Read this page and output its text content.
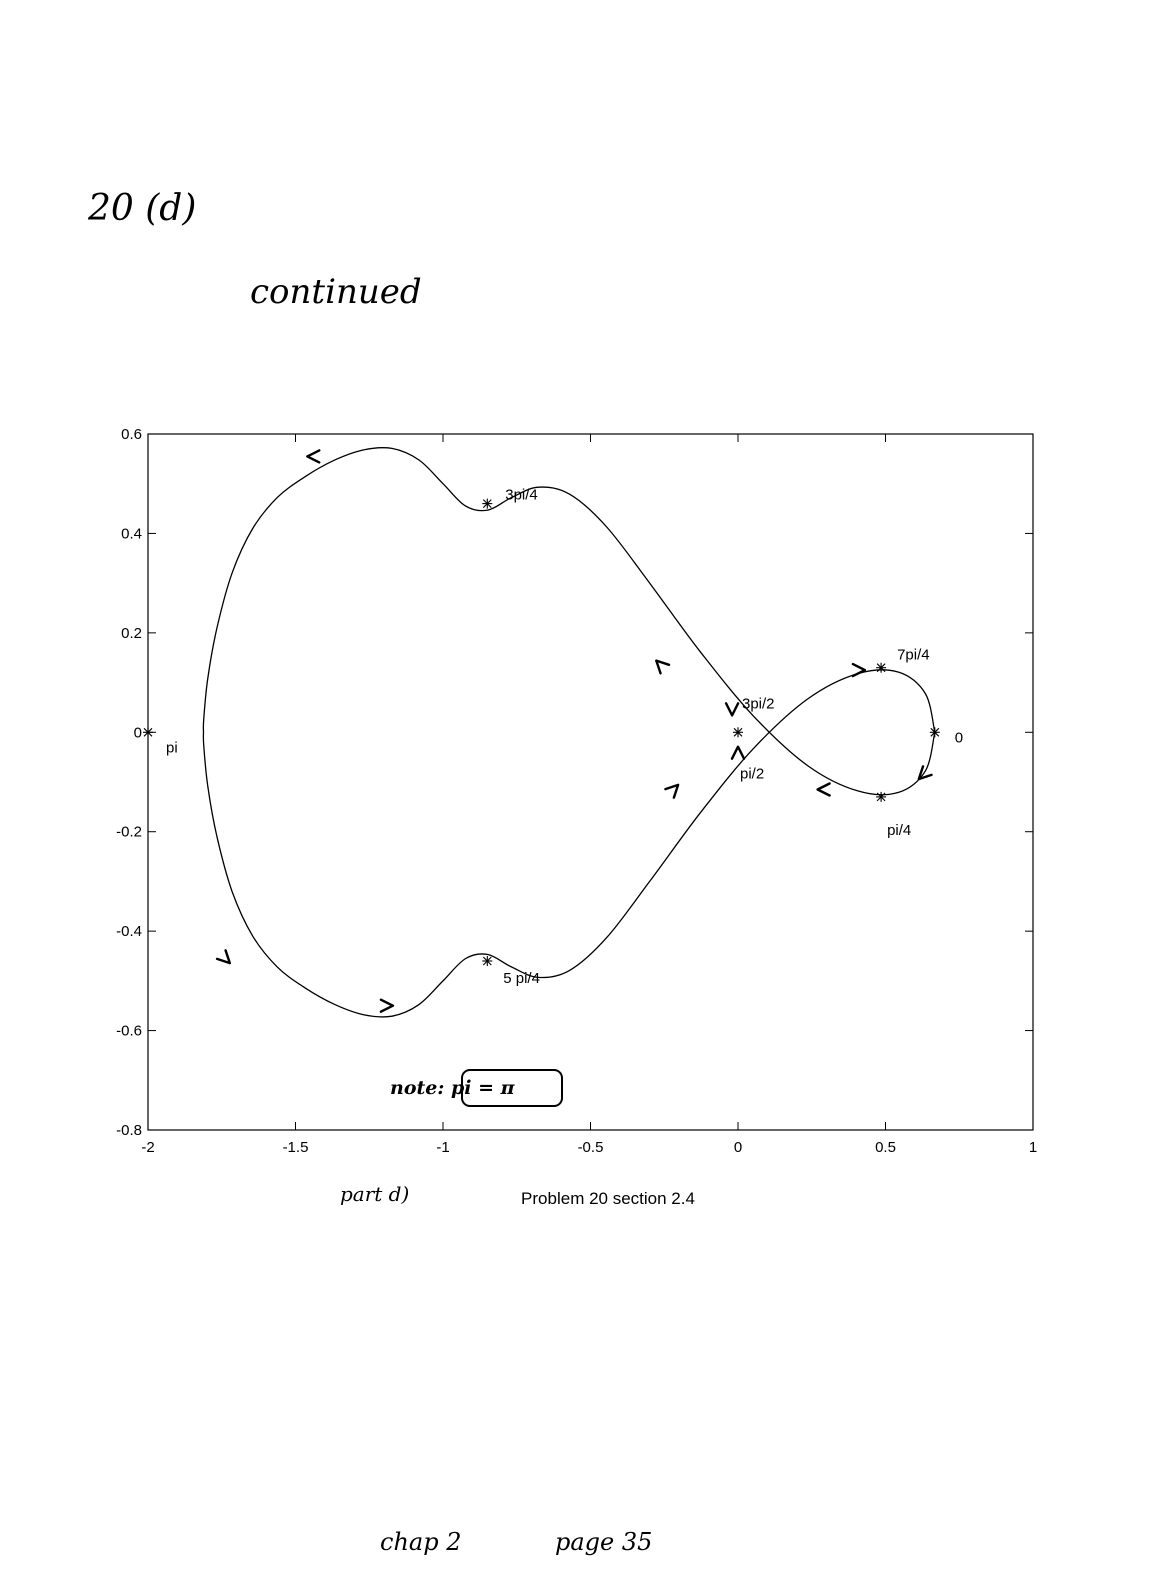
20 (d)
continued
-2	-1.5	-1	-0.5	0	0.5	1
-0.8
-0.6
-0.4
-0.2
0
0.2
0.4
0.6
0
pi/4
pi/2
3pi/4
pi
5 pi/4
3pi/2
7pi/4
note: pi = π
Problem 20 section 2.4
part d)
chap 2	page 35
